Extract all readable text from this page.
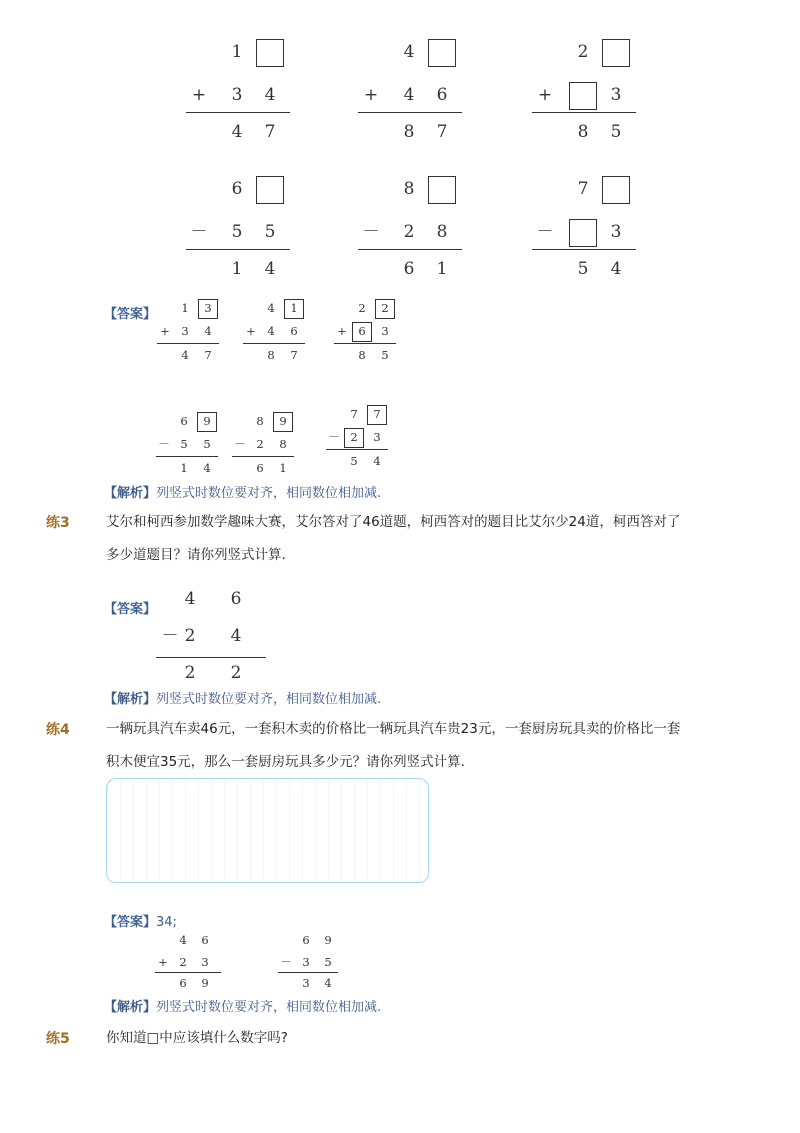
1
+	3	4
4	7
4
+	4	6
8	7
2
+	3
8	5
6
－	5	5
1	4
8
－	2	8
6	1
7
－	3
5	4
【答案】	1	3
+	3	4
4	7
4	1
+	4	6
8	7
2	2
+	6	3
8	5
6	9
－ 5	5
1	4
8	9
－ 2	8
6	1
7	7
－ 2	3
5	4
【解析】列竖式时数位要对齐，相同数位相加减.
练3	艾尔和柯西参加数学趣味大赛，艾尔答对了46道题，柯西答对的题目比艾尔少24道，柯西答对了
多少道题目？请你列竖式计算.
【答案】
4	6
－ 2	4
2	2
【解析】列竖式时数位要对齐，相同数位相加减.
练4	一辆玩具汽车卖46元，一套积木卖的价格比一辆玩具汽车贵23元，一套厨房玩具卖的价格比一套
积木便宜35元，那么一套厨房玩具多少元？请你列竖式计算.
【答案】34;
4	6
+	2	3
6	9
6	9
－ 3	5
3	4
【解析】列竖式时数位要对齐，相同数位相加减.
练5	你知道□中应该填什么数字吗?
